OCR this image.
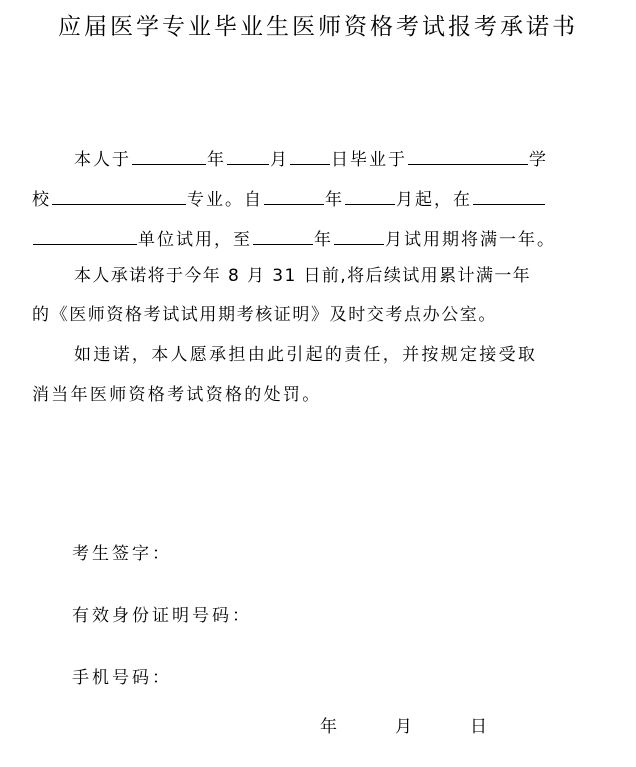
应届医学专业毕业生医师资格考试报考承诺书
本人于	年	月 日毕业于	学
校	专业。自	年	月起，在
单位试用，至	年	月试用期将满一年。
本人承诺将于今年 8 月 31 日前,将后续试用累计满一年
的《医师资格考试试用期考核证明》及时交考点办公室。
如违诺，本人愿承担由此引起的责任，并按规定接受取
消当年医师资格考试资格的处罚。
考生签字：
有效身份证明号码：
手机号码：
年	月	日
